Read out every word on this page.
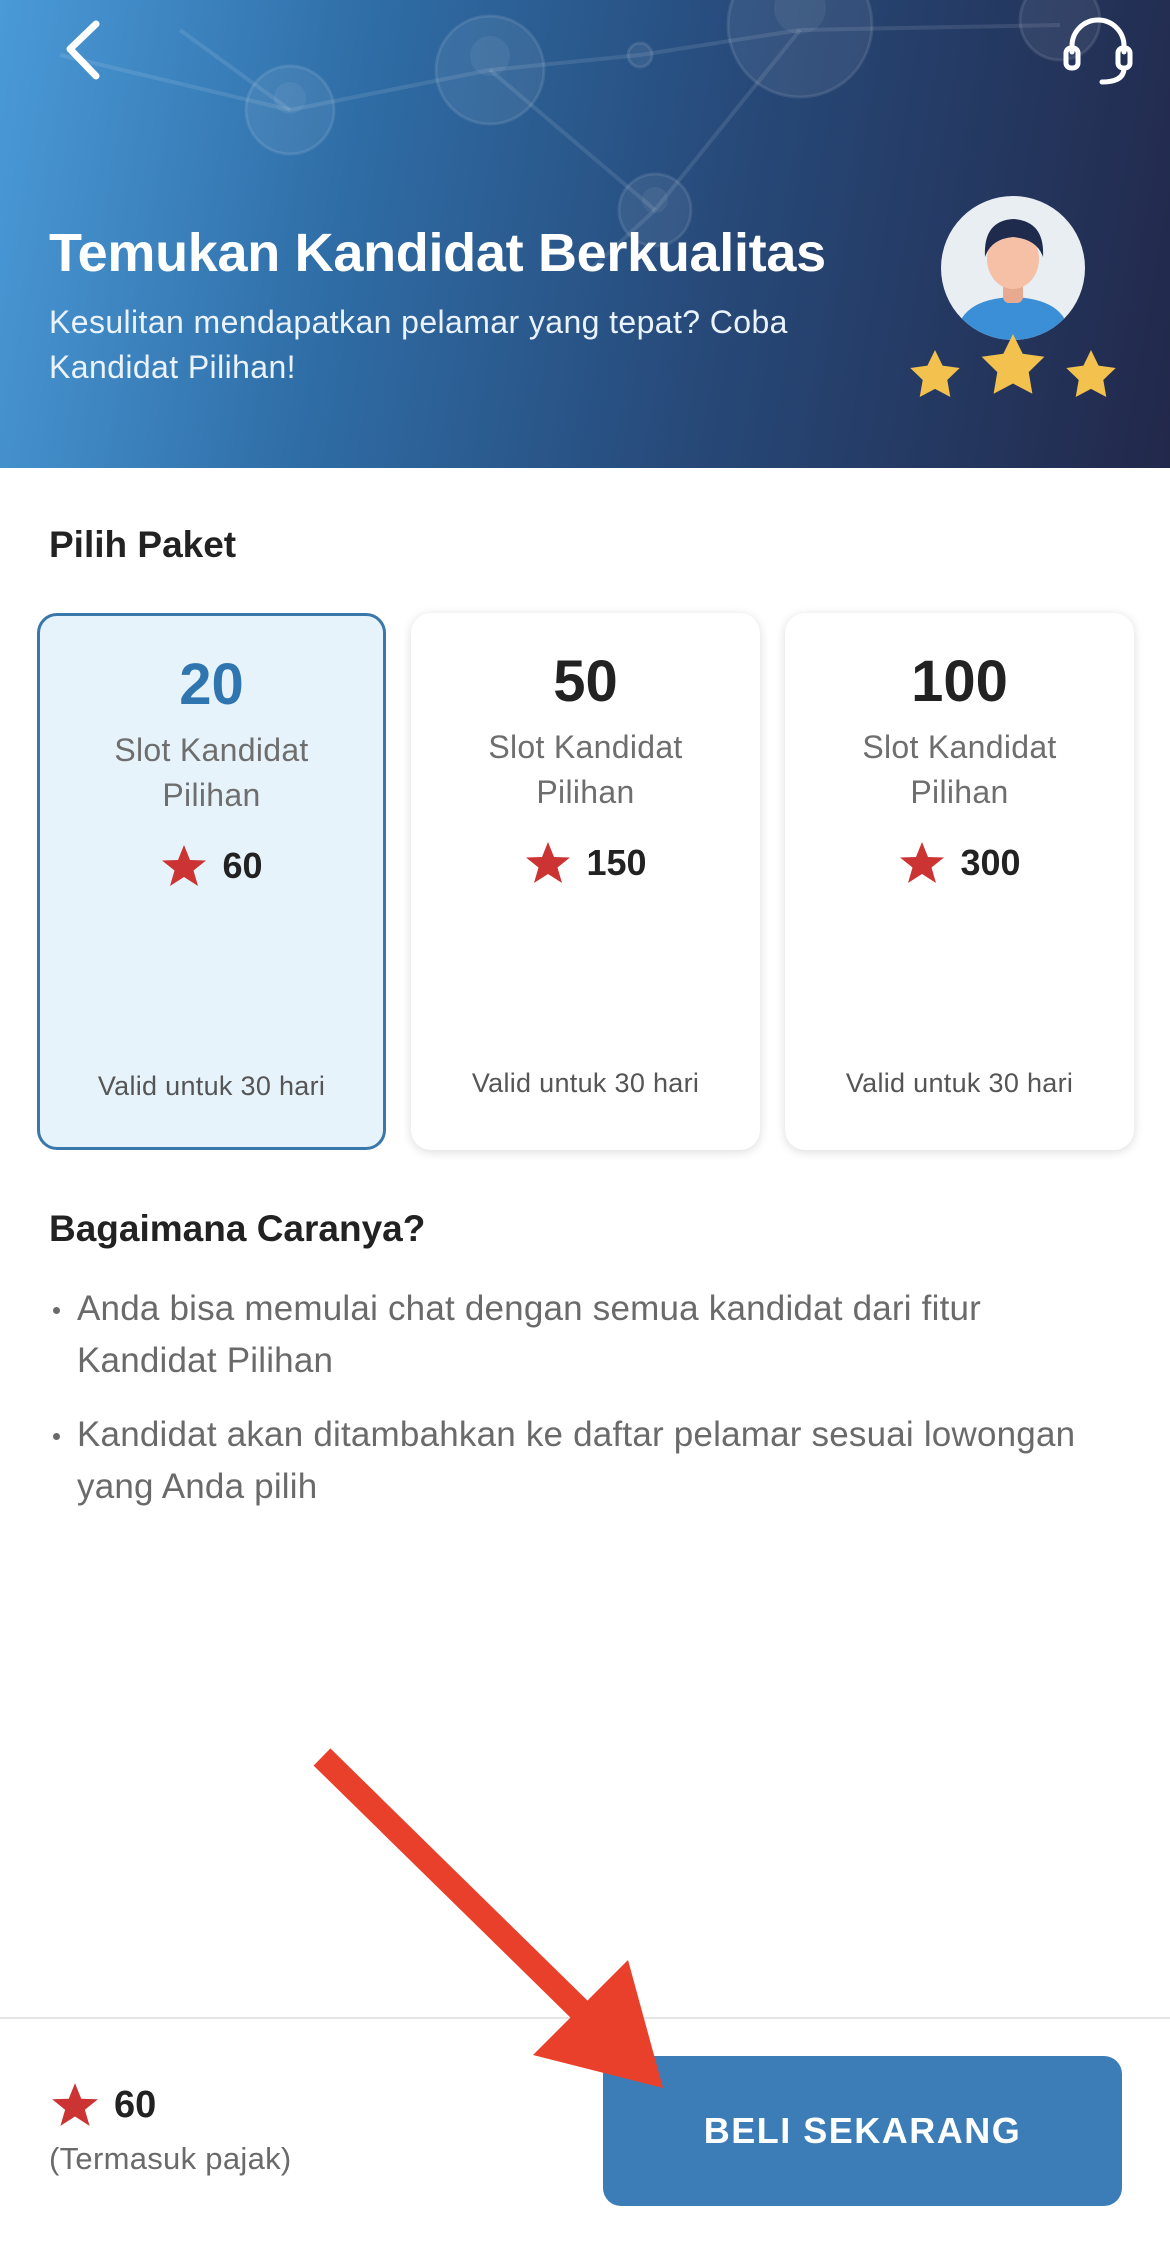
Temukan Kandidat Berkualitas
Kesulitan mendapatkan pelamar yang tepat? Coba Kandidat Pilihan!
Pilih Paket
20
Slot Kandidat Pilihan
60
Valid untuk 30 hari
50
Slot Kandidat Pilihan
150
Valid untuk 30 hari
100
Slot Kandidat Pilihan
300
Valid untuk 30 hari
Bagaimana Caranya?
Anda bisa memulai chat dengan semua kandidat dari fitur Kandidat Pilihan
Kandidat akan ditambahkan ke daftar pelamar sesuai lowongan yang Anda pilih
60
(Termasuk pajak)
BELI SEKARANG
